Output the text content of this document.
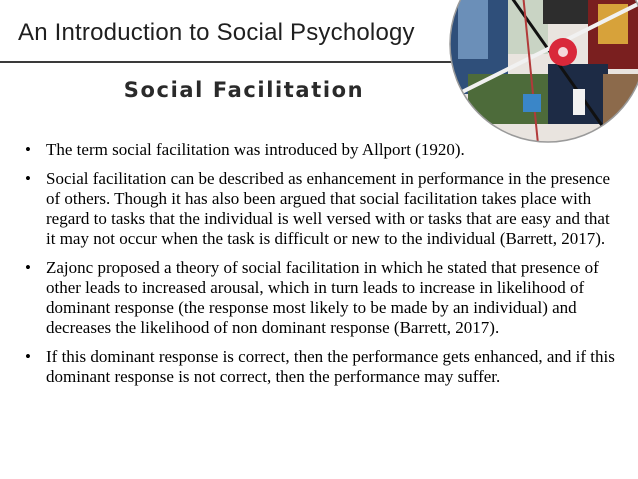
An Introduction to Social Psychology
Social Facilitation
• The term social facilitation was introduced by Allport (1920).
• Social facilitation can be described as enhancement in performance in the presence of others. Though it has also been argued that social facilitation takes place with regard to tasks that the individual is well versed with or tasks that are easy and that it may not occur when the task is difficult or new to the individual (Barrett, 2017).
• Zajonc proposed a theory of social facilitation in which he stated that presence of other leads to increased arousal, which in turn leads to increase in likelihood of dominant response (the response most likely to be made by an individual) and decreases the likelihood of non dominant response (Barrett, 2017).
• If this dominant response is correct, then the performance gets enhanced, and if this dominant response is not correct, then the performance may suffer.
